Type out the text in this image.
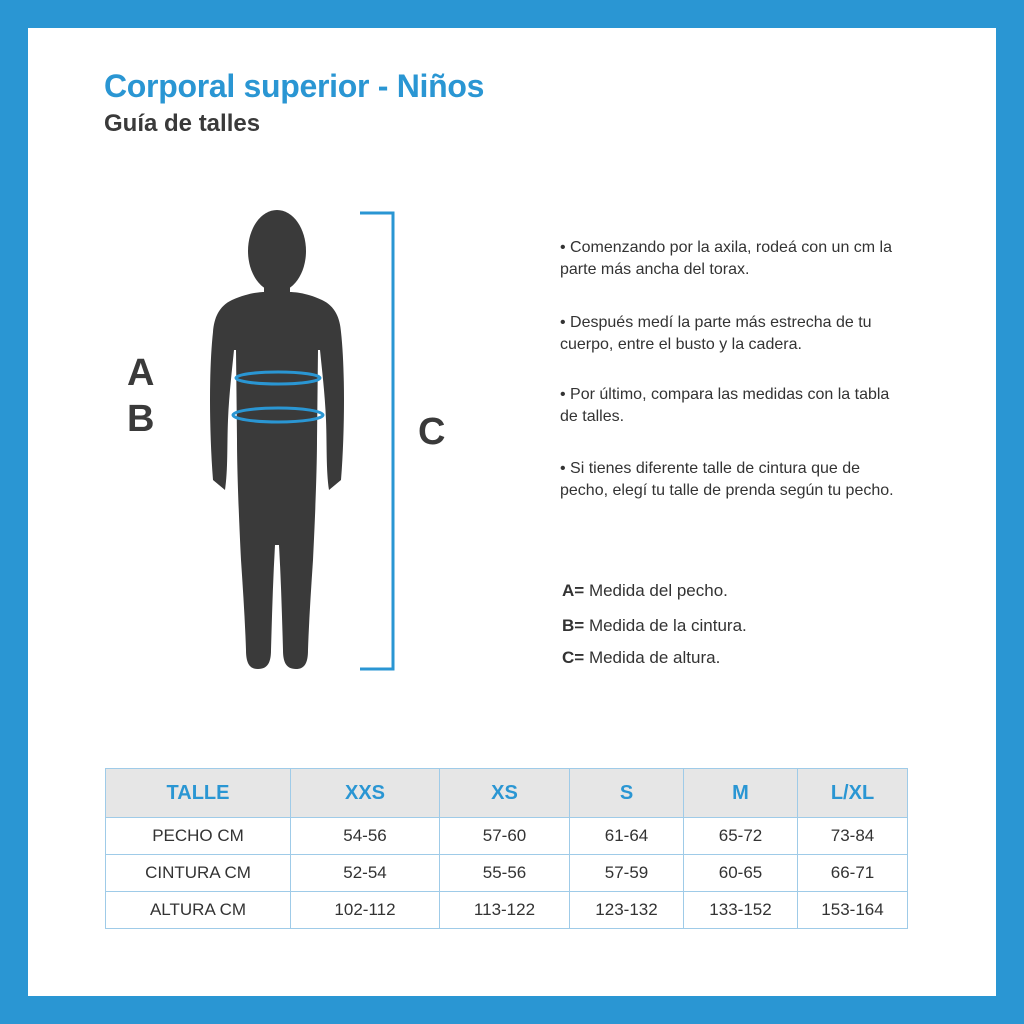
Corporal superior - Niños
Guía de talles
A
B	C
• Comenzando por la axila, rodeá con un cm la parte más ancha del torax.
• Después medí la parte más estrecha de tu cuerpo, entre el busto y la cadera.
• Por último, compara las medidas con la tabla de talles.
• Si tienes diferente talle de cintura que de pecho, elegí tu talle de prenda según tu pecho.
A= Medida del pecho.
B= Medida de la cintura.
C= Medida de altura.
TALLE	XXS	XS	S	M	L/XL
PECHO CM	54-56	57-60	61-64	65-72	73-84
CINTURA CM	52-54	55-56	57-59	60-65	66-71
ALTURA CM	102-112	113-122	123-132	133-152	153-164
